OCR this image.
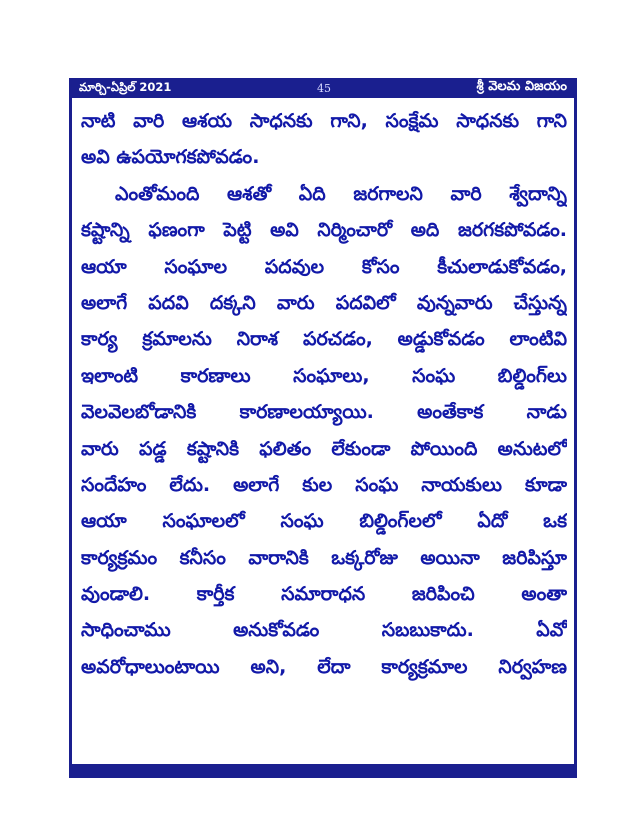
మార్చి-ఏప్రిల్ 2021	45	శ్రీ వెలమ విజయం
నాటి వారి ఆశయ సాధనకు గాని, సంక్షేమ సాధనకు గాని
అవి ఉపయోగకపోవడం.
ఎంతోమంది ఆశతో ఏది జరగాలని వారి శ్వేదాన్ని
కష్టాన్ని ఫణంగా పెట్టి అవి నిర్మించారో అది జరగకపోవడం.
ఆయా సంఘాల పదవుల కోసం కీచులాడుకోవడం,
అలాగే పదవి దక్కని వారు పదవిలో వున్నవారు చేస్తున్న
కార్య క్రమాలను నిరాశ పరచడం, అడ్డుకోవడం లాంటివి
ఇలాంటి కారణాలు సంఘాలు, సంఘ బిల్డింగ్‌లు
వెలవెలబోడానికి కారణాలయ్యాయి. అంతేకాక నాడు
వారు పడ్డ కష్టానికి ఫలితం లేకుండా పోయింది అనుటలో
సందేహం లేదు. అలాగే కుల సంఘ నాయకులు కూడా
ఆయా సంఘాలలో సంఘ బిల్డింగ్‌లలో ఏదో ఒక
కార్యక్రమం కనీసం వారానికి ఒక్కరోజు అయినా జరిపిస్తూ
వుండాలి. కార్తీక సమారాధన జరిపించి అంతా
సాధించాము అనుకోవడం సబబుకాదు. ఏవో
అవరోధాలుంటాయి అని, లేదా కార్యక్రమాల నిర్వహణ
